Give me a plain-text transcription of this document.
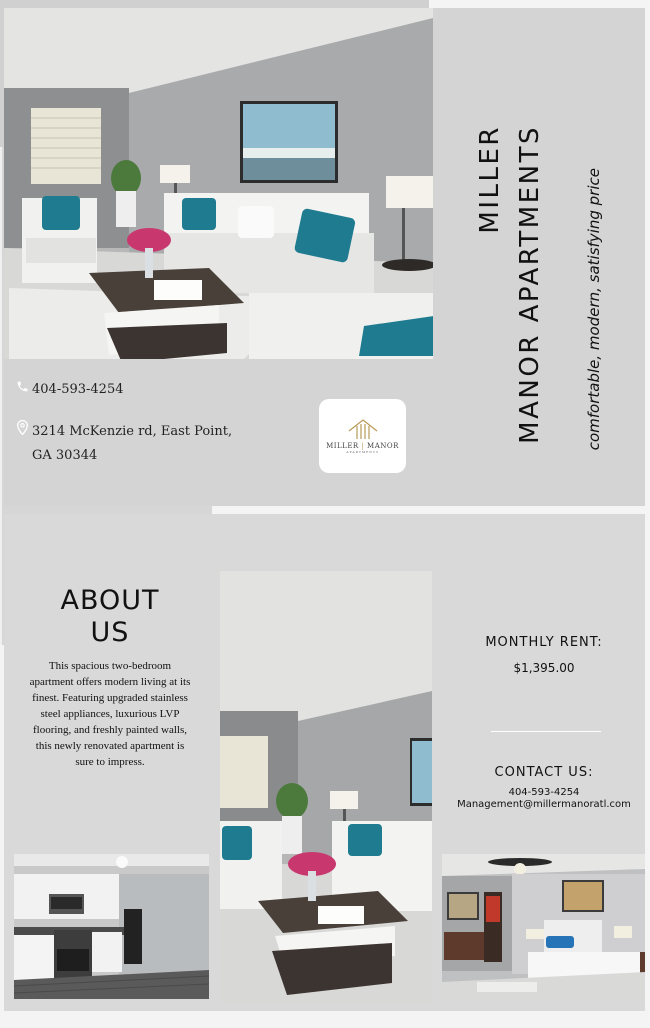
404-593-4254
3214 McKenzie rd, East Point,
GA 30344
MILLER | MANOR
APARTMENTS
MILLER MANOR APARTMENTS	comfortable, modern, satisfying price
ABOUT
US
This spacious two-bedroom apartment offers modern living at its finest. Featuring upgraded stainless steel appliances, luxurious LVP flooring, and freshly painted walls, this newly renovated apartment is sure to impress.
MONTHLY RENT:
$1,395.00
CONTACT US:
404-593-4254
Management@millermanoratl.com
